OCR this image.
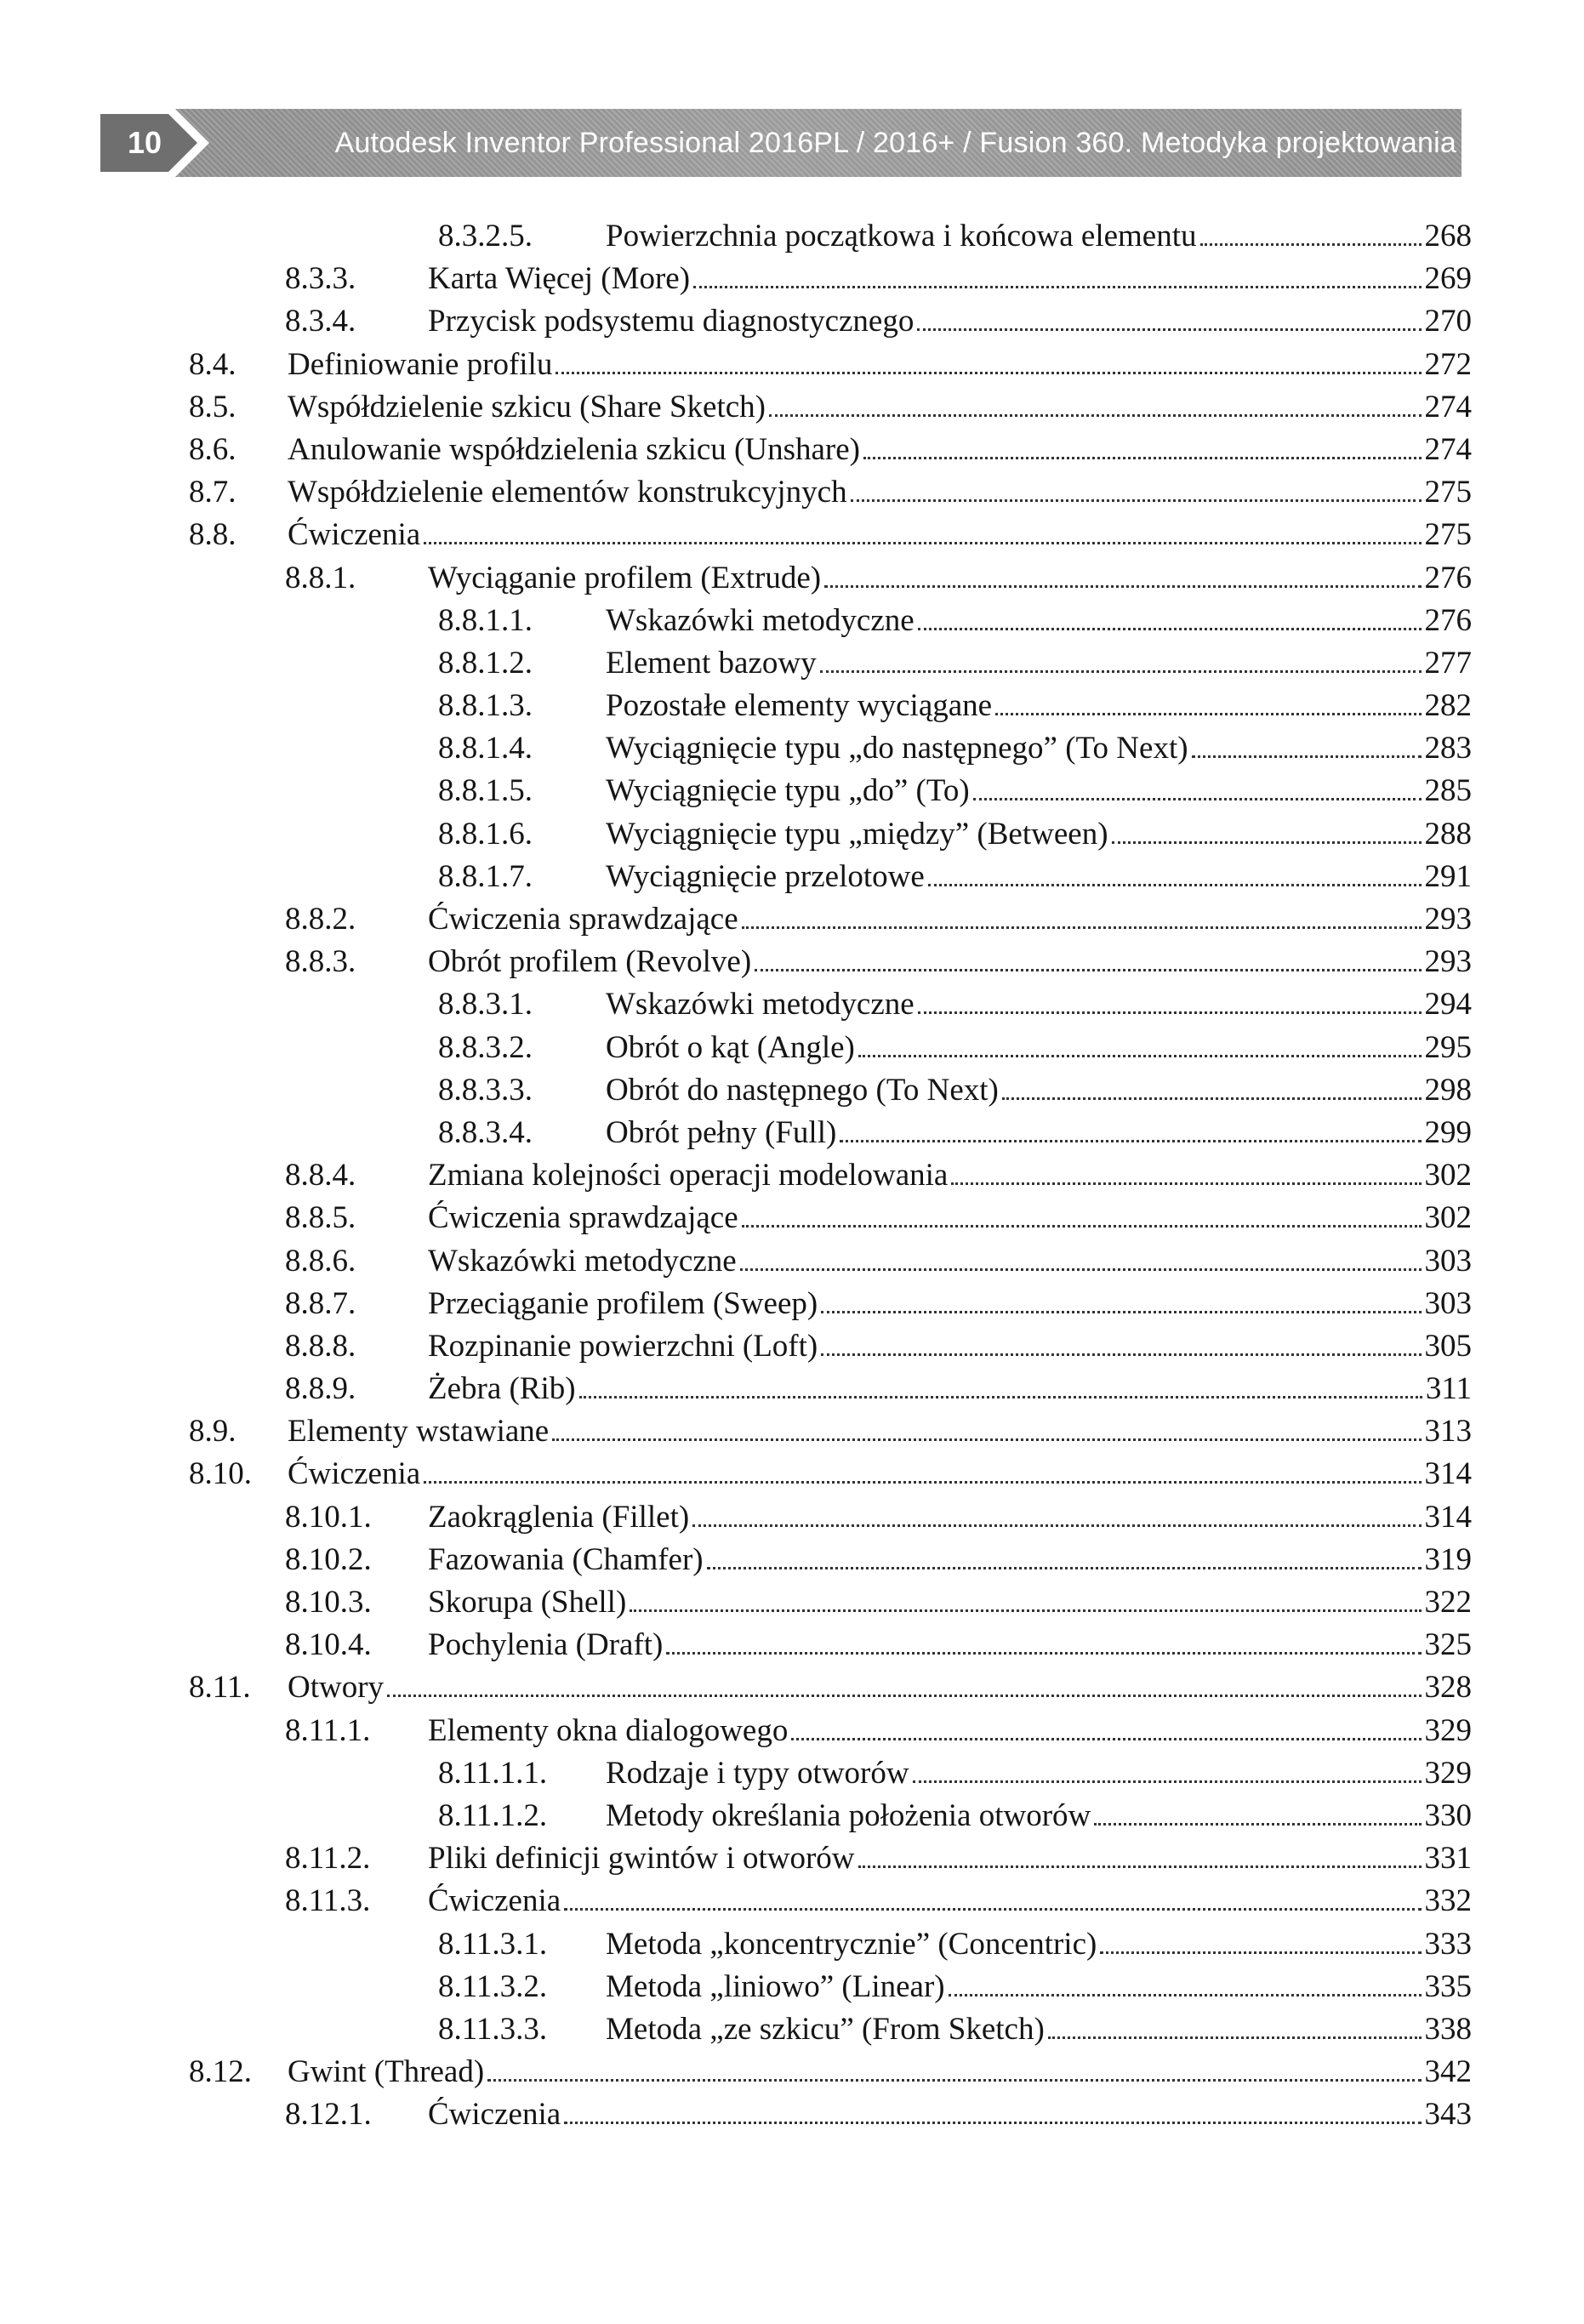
10	Autodesk Inventor Professional 2016PL / 2016+ / Fusion 360. Metodyka projektowania
8.3.2.5. Powierzchnia początkowa i końcowa elementu	268
8.3.3. Karta Więcej (More)	269
8.3.4. Przycisk podsystemu diagnostycznego	270
8.4. Definiowanie profilu	272
8.5. Współdzielenie szkicu (Share Sketch)	274
8.6. Anulowanie współdzielenia szkicu (Unshare)	274
8.7. Współdzielenie elementów konstrukcyjnych	275
8.8. Ćwiczenia	275
8.8.1. Wyciąganie profilem (Extrude)	276
8.8.1.1. Wskazówki metodyczne	276
8.8.1.2. Element bazowy	277
8.8.1.3. Pozostałe elementy wyciągane	282
8.8.1.4. Wyciągnięcie typu „do następnego” (To Next)	283
8.8.1.5. Wyciągnięcie typu „do” (To)	285
8.8.1.6. Wyciągnięcie typu „między” (Between)	288
8.8.1.7. Wyciągnięcie przelotowe	291
8.8.2. Ćwiczenia sprawdzające	293
8.8.3. Obrót profilem (Revolve)	293
8.8.3.1. Wskazówki metodyczne	294
8.8.3.2. Obrót o kąt (Angle)	295
8.8.3.3. Obrót do następnego (To Next)	298
8.8.3.4. Obrót pełny (Full)	299
8.8.4. Zmiana kolejności operacji modelowania	302
8.8.5. Ćwiczenia sprawdzające	302
8.8.6. Wskazówki metodyczne	303
8.8.7. Przeciąganie profilem (Sweep)	303
8.8.8. Rozpinanie powierzchni (Loft)	305
8.8.9. Żebra (Rib)	311
8.9. Elementy wstawiane	313
8.10. Ćwiczenia	314
8.10.1. Zaokrąglenia (Fillet)	314
8.10.2. Fazowania (Chamfer)	319
8.10.3. Skorupa (Shell)	322
8.10.4. Pochylenia (Draft)	325
8.11. Otwory	328
8.11.1. Elementy okna dialogowego	329
8.11.1.1. Rodzaje i typy otworów	329
8.11.1.2. Metody określania położenia otworów	330
8.11.2. Pliki definicji gwintów i otworów	331
8.11.3. Ćwiczenia	332
8.11.3.1. Metoda „koncentrycznie” (Concentric)	333
8.11.3.2. Metoda „liniowo” (Linear)	335
8.11.3.3. Metoda „ze szkicu” (From Sketch)	338
8.12. Gwint (Thread)	342
8.12.1. Ćwiczenia	343
